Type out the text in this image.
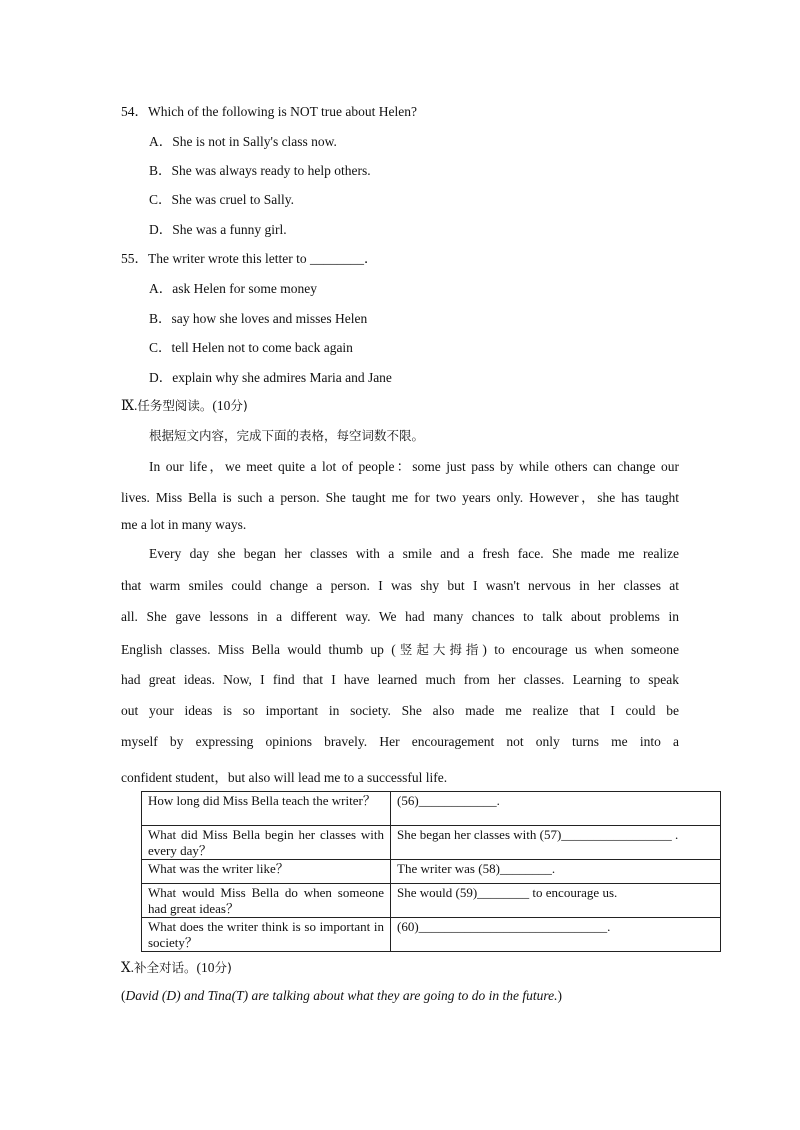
54．Which of the following is NOT true about Helen?
A．She is not in Sally's class now.
B．She was always ready to help others.
C．She was cruel to Sally.
D．She was a funny girl.
55．The writer wrote this letter to ________．
A．ask Helen for some money
B．say how she loves and misses Helen
C．tell Helen not to come back again
D．explain why she admires Maria and Jane
Ⅸ.任务型阅读。(10分)
根据短文内容，完成下面的表格，每空词数不限。
In our life，we meet quite a lot of people：some just pass by while others can change our
lives. Miss Bella is such a person. She taught me for two years only. However，she has taught
me a lot in many ways.
Every day she began her classes with a smile and a fresh face. She made me realize
that warm smiles could change a person. I was shy but I wasn't nervous in her classes at
all. She gave lessons in a different way. We had many chances to talk about problems in
English classes. Miss Bella would thumb up (竖起大拇指) to encourage us when someone
had great ideas. Now, I find that I have learned much from her classes. Learning to speak
out your ideas is so important in society. She also made me realize that I could be
myself by expressing opinions bravely. Her encouragement not only turns me into a
confident student，but also will lead me to a successful life.
How long did Miss Bella teach the writer？	(56)____________.
What did Miss Bella begin her classes with every day？	She began her classes with (57)_________________ .
What was the writer like？	The writer was (58)________.
What would Miss Bella do when someone had great ideas？	She would (59)________ to encourage us.
What does the writer think is so important in society？	(60)_____________________________.
Ⅹ.补全对话。(10分)
(David (D) and Tina(T) are talking about what they are going to do in the future.)
